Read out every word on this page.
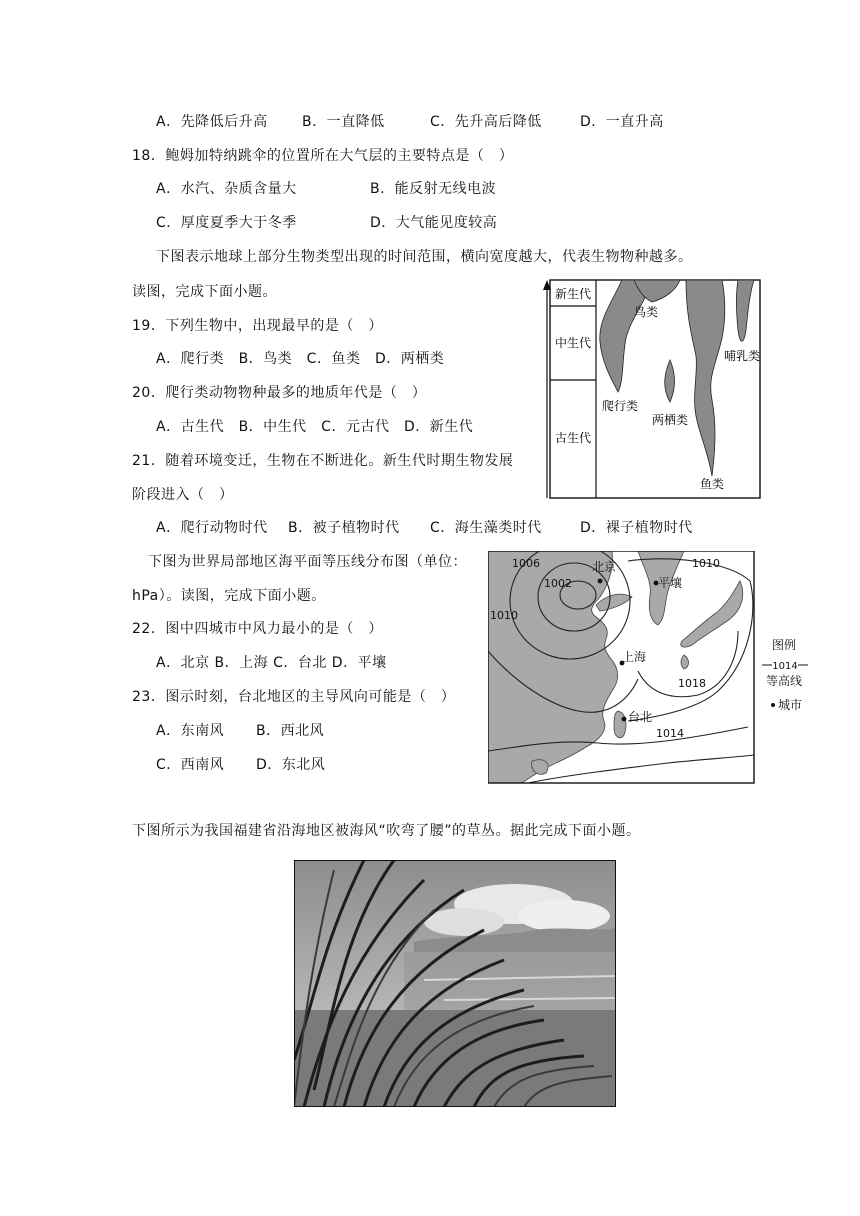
A．先降低后升高 B．一直降低	C．先升高后降低	D．一直升高
18．鲍姆加特纳跳伞的位置所在大气层的主要特点是（　）
A．水汽、杂质含量大	B．能反射无线电波
C．厚度夏季大于冬季	D．大气能见度较高
下图表示地球上部分生物类型出现的时间范围，横向宽度越大，代表生物物种越多。
读图，完成下面小题。
19．下列生物中，出现最早的是（　）
A．爬行类　B．鸟类　C．鱼类　D．两栖类
20．爬行类动物物种最多的地质年代是（　）
A．古生代　B．中生代　C．元古代　D．新生代
21．随着环境变迁，生物在不断进化。新生代时期生物发展
阶段进入（　）
A．爬行动物时代 B．被子植物时代 C．海生藻类时代	D．裸子植物时代
新生代
中生代
古生代
鸟类
爬行类
两栖类
哺乳类
鱼类
下图为世界局部地区海平面等压线分布图（单位：
hPa）。读图，完成下面小题。
22．图中四城市中风力最小的是（　）
A．北京 B．上海 C．台北 D．平壤
23．图示时刻，台北地区的主导风向可能是（　）
A．东南风 B．西北风
C．西南风 D．东北风
北京
平壤
上海
台北
1006
1002
1010
1010
1018
1014
图例
1014
等高线
城市
下图所示为我国福建省沿海地区被海风“吹弯了腰”的草丛。据此完成下面小题。
